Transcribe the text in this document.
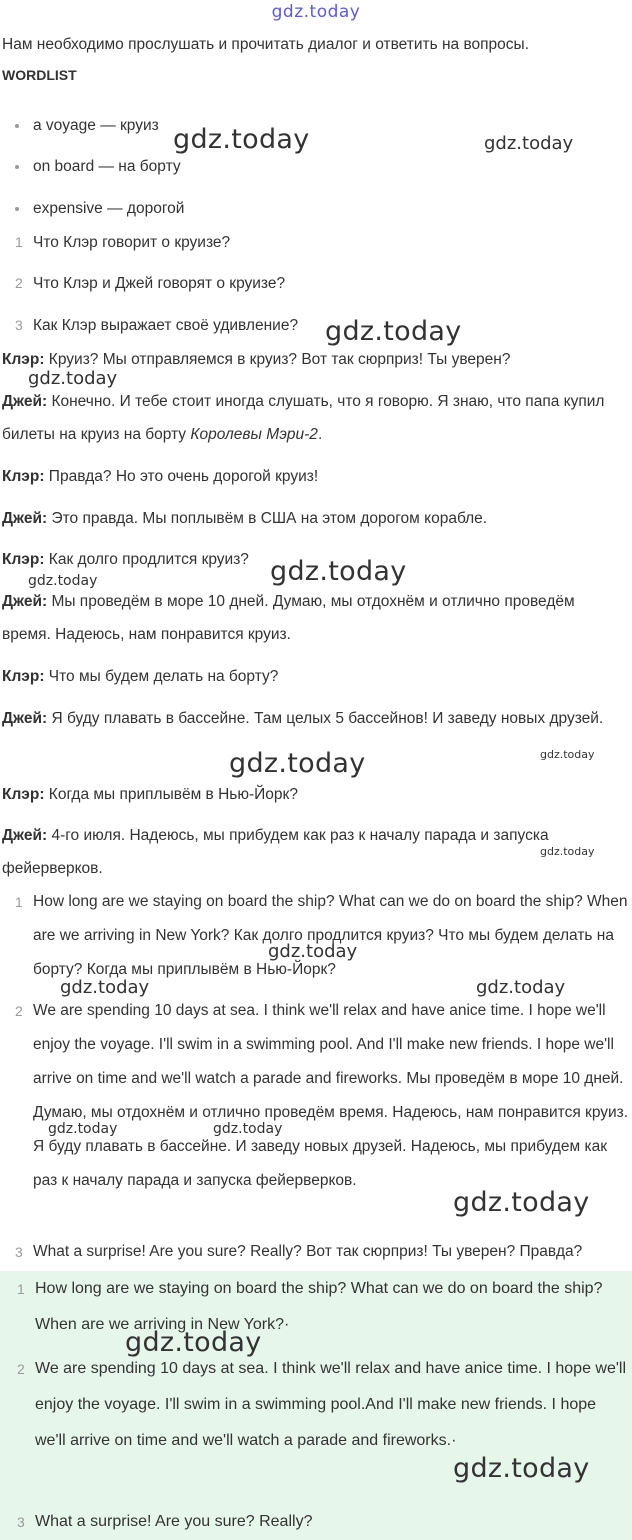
gdz.today

Нам необходимо прослушать и прочитать диалог и ответить на вопросы.

WORDLIST
a voyage — круиз
on board — на борту
expensive — дорогой
1 Что Клэр говорит о круизе?
2 Что Клэр и Джей говорят о круизе?
3 Как Клэр выражает своё удивление?

Клэр: Круиз? Мы отправляемся в круиз? Вот так сюрприз! Ты уверен?

Джей: Конечно. И тебе стоит иногда слушать, что я говорю. Я знаю, что папа купил билеты на круиз на борту Королевы Мэри-2.

Клэр: Правда? Но это очень дорогой круиз!

Джей: Это правда. Мы поплывём в США на этом дорогом корабле.

Клэр: Как долго продлится круиз?

Джей: Мы проведём в море 10 дней. Думаю, мы отдохнём и отлично проведём время. Надеюсь, нам понравится круиз.

Клэр: Что мы будем делать на борту?

Джей: Я буду плавать в бассейне. Там целых 5 бассейнов! И заведу новых друзей.

Клэр: Когда мы приплывём в Нью-Йорк?

Джей: 4-го июля. Надеюсь, мы прибудем как раз к началу парада и запуска фейерверков.

1 How long are we staying on board the ship? What can we do on board the ship? When are we arriving in New York? Как долго продлится круиз? Что мы будем делать на борту? Когда мы приплывём в Нью-Йорк?
2 We are spending 10 days at sea. I think we'll relax and have anice time. I hope we'll enjoy the voyage. I'll swim in a swimming pool. And I'll make new friends. I hope we'll arrive on time and we'll watch a parade and fireworks. Мы проведём в море 10 дней. Думаю, мы отдохнём и отлично проведём время. Надеюсь, нам понравится круиз. Я буду плавать в бассейне. И заведу новых друзей. Надеюсь, мы прибудем как раз к началу парада и запуска фейерверков.
3 What a surprise! Are you sure? Really? Вот так сюрприз! Ты уверен? Правда?
1 How long are we staying on board the ship? What can we do on board the ship? When are we arriving in New York?·
2 We are spending 10 days at sea. I think we'll relax and have anice time. I hope we'll enjoy the voyage. I'll swim in a swimming pool.And I'll make new friends. I hope we'll arrive on time and we'll watch a parade and fireworks.·
3 What a surprise! Are you sure? Really?
gdz.today	gdz.today
gdz.today
gdz.today
gdz.today	gdz.today
gdz.today	gdz.today
gdz.today
gdz.today
gdz.today	gdz.today
gdz.today	gdz.today
gdz.today
gdz.today
gdz.today
